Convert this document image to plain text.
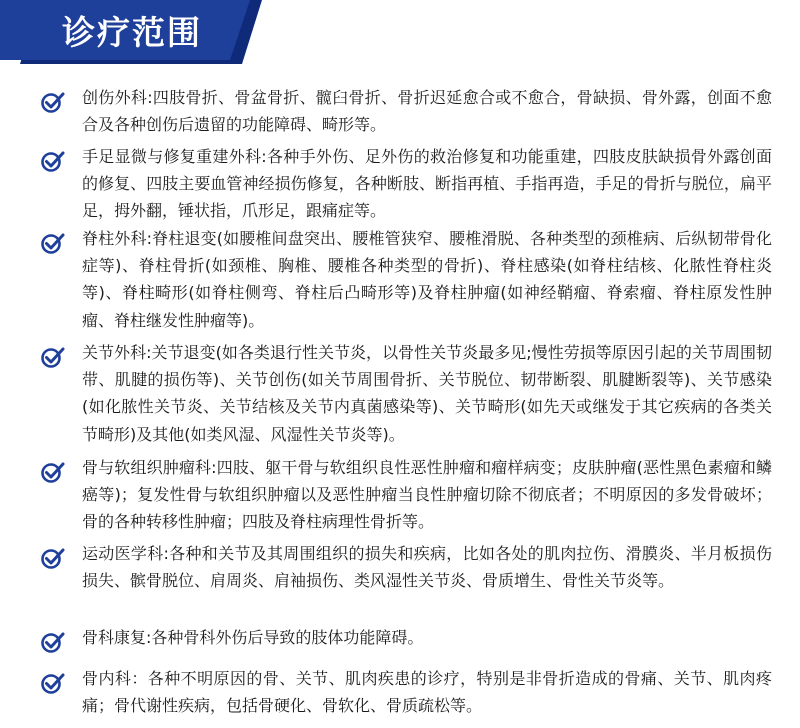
诊疗范围
创伤外科:四肢骨折、骨盆骨折、髋臼骨折、骨折迟延愈合或不愈合，骨缺损、骨外露，创面不愈合及各种创伤后遗留的功能障碍、畸形等。
手足显微与修复重建外科:各种手外伤、足外伤的救治修复和功能重建，四肢皮肤缺损骨外露创面的修复、四肢主要血管神经损伤修复，各种断肢、断指再植、手指再造，手足的骨折与脱位，扁平足，拇外翻，锤状指，爪形足，跟痛症等。
脊柱外科:脊柱退变(如腰椎间盘突出、腰椎管狭窄、腰椎滑脱、各种类型的颈椎病、后纵韧带骨化症等)、脊柱骨折(如颈椎、胸椎、腰椎各种类型的骨折)、脊柱感染(如脊柱结核、化脓性脊柱炎等)、脊柱畸形(如脊柱侧弯、脊柱后凸畸形等)及脊柱肿瘤(如神经鞘瘤、脊索瘤、脊柱原发性肿瘤、脊柱继发性肿瘤等)。
关节外科:关节退变(如各类退行性关节炎，以骨性关节炎最多见;慢性劳损等原因引起的关节周围韧带、肌腱的损伤等)、关节创伤(如关节周围骨折、关节脱位、韧带断裂、肌腱断裂等)、关节感染(如化脓性关节炎、关节结核及关节内真菌感染等)、关节畸形(如先天或继发于其它疾病的各类关节畸形)及其他(如类风湿、风湿性关节炎等)。
骨与软组织肿瘤科:四肢、躯干骨与软组织良性恶性肿瘤和瘤样病变；皮肤肿瘤(恶性黑色素瘤和鳞癌等)；复发性骨与软组织肿瘤以及恶性肿瘤当良性肿瘤切除不彻底者；不明原因的多发骨破坏；骨的各种转移性肿瘤；四肢及脊柱病理性骨折等。
运动医学科:各种和关节及其周围组织的损失和疾病，比如各处的肌肉拉伤、滑膜炎、半月板损伤损失、髌骨脱位、肩周炎、肩袖损伤、类风湿性关节炎、骨质增生、骨性关节炎等。
骨科康复:各种骨科外伤后导致的肢体功能障碍。
骨内科：各种不明原因的骨、关节、肌肉疾患的诊疗，特别是非骨折造成的骨痛、关节、肌肉疼痛；骨代谢性疾病，包括骨硬化、骨软化、骨质疏松等。
